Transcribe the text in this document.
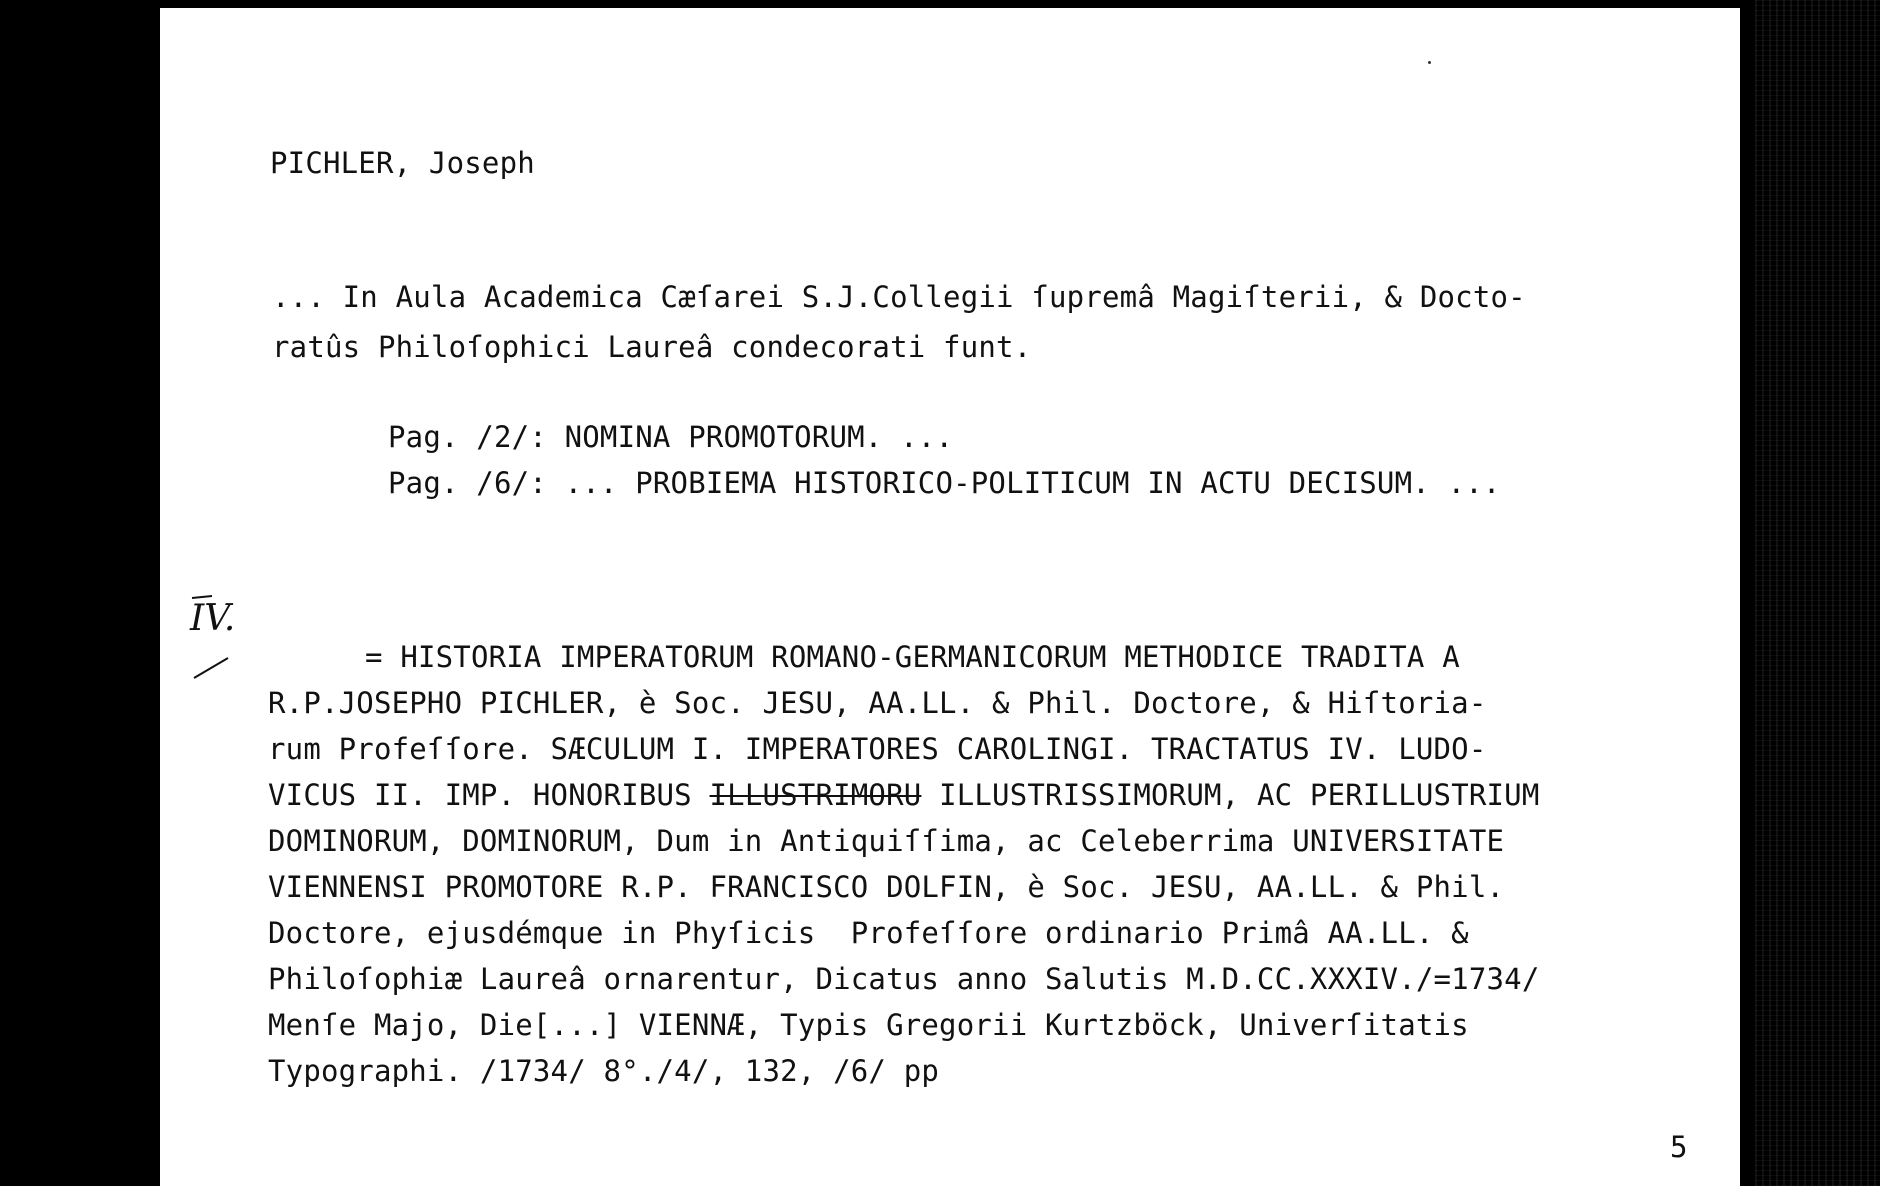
PICHLER, Joseph
... In Aula Academica Cæſarei S.J.Collegii ſupremâ Magiſterii, & Docto-
ratûs Philoſophici Laureâ condecorati funt.
Pag. /2/: NOMINA PROMOTORUM. ...
Pag. /6/: ... PROBIEMA HISTORICO-POLITICUM IN ACTU DECISUM. ...
IV.
= HISTORIA IMPERATORUM ROMANO-GERMANICORUM METHODICE TRADITA A
R.P.JOSEPHO PICHLER, è Soc. JESU, AA.LL. & Phil. Doctore, & Hiſtoria-
rum Profeſſore. SÆCULUM I. IMPERATORES CAROLINGI. TRACTATUS IV. LUDO-
VICUS II. IMP. HONORIBUS ILLUSTRIMORU ILLUSTRISSIMORUM, AC PERILLUSTRIUM
DOMINORUM, DOMINORUM, Dum in Antiquiſſima, ac Celeberrima UNIVERSITATE
VIENNENSI PROMOTORE R.P. FRANCISCO DOLFIN, è Soc. JESU, AA.LL. & Phil.
Doctore, ejusdémque in Phyſicis  Profeſſore ordinario Primâ AA.LL. &
Philoſophiæ Laureâ ornarentur, Dicatus anno Salutis M.D.CC.XXXIV./=1734/
Menſe Majo, Die[...] VIENNÆ, Typis Gregorii Kurtzböck, Univerſitatis
Typographi. /1734/ 8°./4/, 132, /6/ pp
5
